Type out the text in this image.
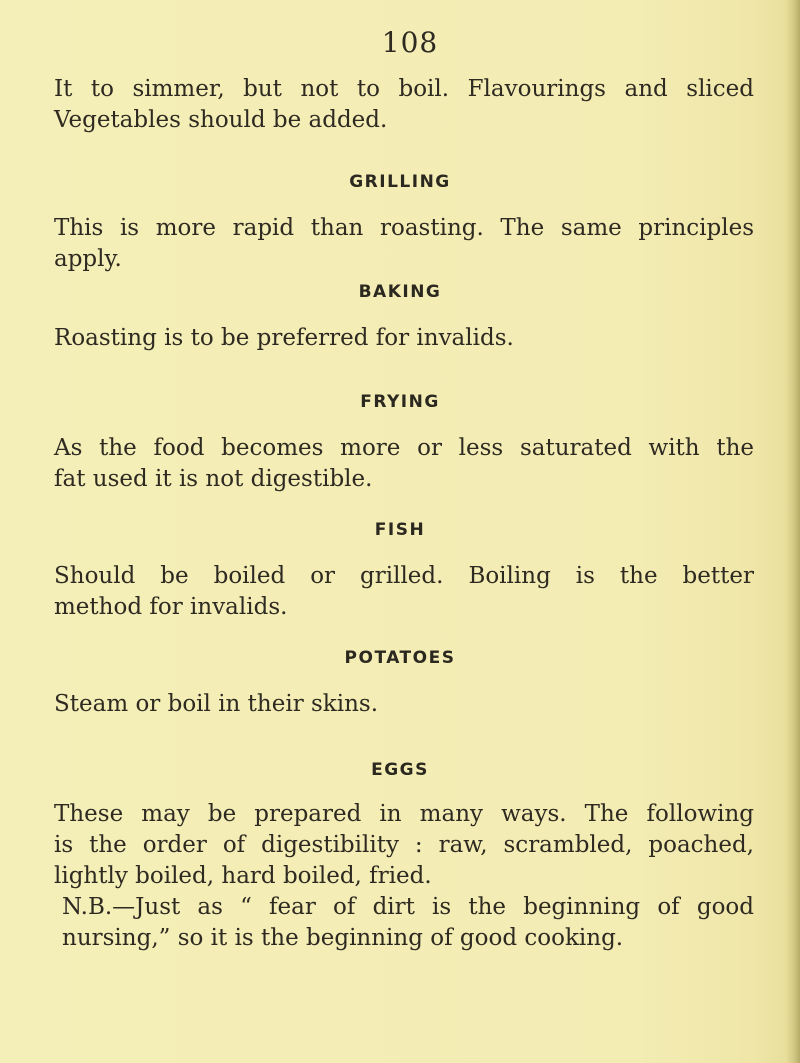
108

It to simmer, but not to boil. Flavourings and sliced
Vegetables should be added.

GRILLING

This is more rapid than roasting. The same principles
apply.

BAKING

Roasting is to be preferred for invalids.

FRYING

As the food becomes more or less saturated with the
fat used it is not digestible.

FISH

Should be boiled or grilled. Boiling is the better
method for invalids.

POTATOES

Steam or boil in their skins.

EGGS

These may be prepared in many ways. The following
is the order of digestibility : raw, scrambled, poached,
lightly boiled, hard boiled, fried.
N.B.—Just as “ fear of dirt is the beginning of good
nursing,” so it is the beginning of good cooking.
